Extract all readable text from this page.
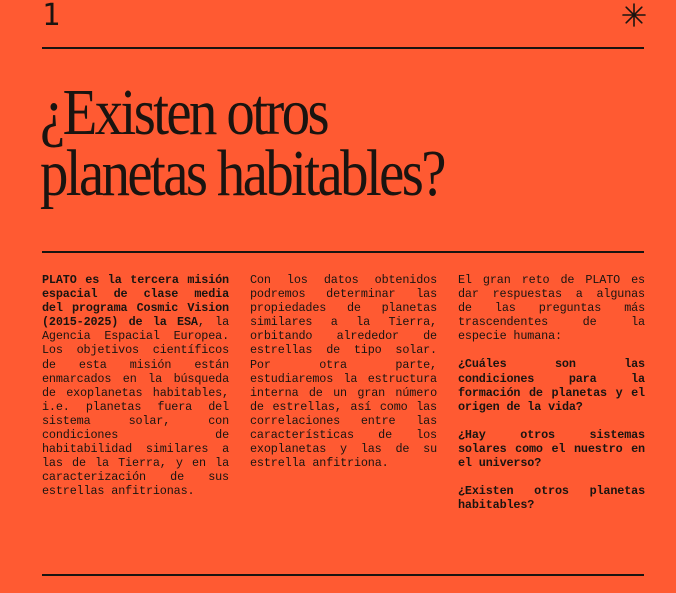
1
¿Existen otros
planetas habitables?

PLATO es la tercera misión espacial de clase media del programa Cosmic Vision (2015-2025) de la ESA, la Agencia Espacial Europea. Los objetivos científicos de esta misión están enmarcados en la búsqueda de exoplanetas habitables, i.e. planetas fuera del sistema solar, con condiciones de habitabilidad similares a las de la Tierra, y en la caracterización de sus estrellas anfitrionas.

Con los datos obtenidos podremos determinar las propiedades de planetas similares a la Tierra, orbitando alrededor de estrellas de tipo solar. Por otra parte, estudiaremos la estructura interna de un gran número de estrellas, así como las correlaciones entre las características de los exoplanetas y las de su estrella anfitriona.

El gran reto de PLATO es dar respuestas a algunas de las preguntas más trascendentes de la especie humana:

¿Cuáles son las condiciones para la formación de planetas y el origen de la vida?

¿Hay otros sistemas solares como el nuestro en el universo?

¿Existen otros planetas habitables?
